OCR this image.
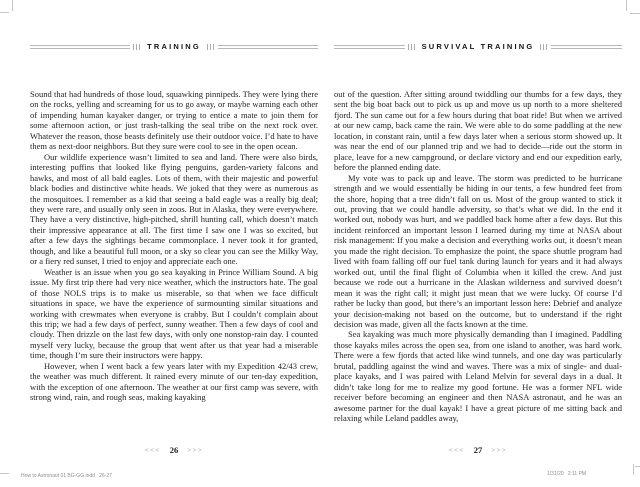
TRAINING

Sound that had hundreds of those loud, squawking pinnipeds. They were lying there on the rocks, yelling and screaming for us to go away, or maybe warning each other of impending human kayaker danger, or trying to entice a mate to join them for some afternoon action, or just trash-talking the seal tribe on the next rock over. Whatever the reason, those beasts definitely use their outdoor voice. I’d hate to have them as next-door neighbors. But they sure were cool to see in the open ocean.

Our wildlife experience wasn’t limited to sea and land. There were also birds, interesting puffins that looked like flying penguins, garden-variety falcons and hawks, and most of all bald eagles. Lots of them, with their majestic and powerful black bodies and distinctive white heads. We joked that they were as numerous as the mosquitoes. I remember as a kid that seeing a bald eagle was a really big deal; they were rare, and usually only seen in zoos. But in Alaska, they were everywhere. They have a very distinctive, high-pitched, shrill hunting call, which doesn’t match their impressive appearance at all. The first time I saw one I was so excited, but after a few days the sightings became commonplace. I never took it for granted, though, and like a beautiful full moon, or a sky so clear you can see the Milky Way, or a fiery red sunset, I tried to enjoy and appreciate each one.

Weather is an issue when you go sea kayaking in Prince William Sound. A big issue. My first trip there had very nice weather, which the instructors hate. The goal of those NOLS trips is to make us miserable, so that when we face difficult situations in space, we have the experience of surmounting similar situations and working with crewmates when everyone is crabby. But I couldn’t complain about this trip; we had a few days of perfect, sunny weather. Then a few days of cool and cloudy. Then drizzle on the last few days, with only one nonstop-rain day. I counted myself very lucky, because the group that went after us that year had a miserable time, though I’m sure their instructors were happy.

However, when I went back a few years later with my Expedition 42/43 crew, the weather was much different. It rained every minute of our ten-day expedition, with the exception of one afternoon. The weather at our first camp was severe, with strong wind, rain, and rough seas, making kayaking

<<< 26 >>>
SURVIVAL TRAINING

out of the question. After sitting around twiddling our thumbs for a few days, they sent the big boat back out to pick us up and move us up north to a more sheltered fjord. The sun came out for a few hours during that boat ride! But when we arrived at our new camp, back came the rain. We were able to do some paddling at the new location, in constant rain, until a few days later when a serious storm showed up. It was near the end of our planned trip and we had to decide—ride out the storm in place, leave for a new campground, or declare victory and end our expedition early, before the planned ending date.

My vote was to pack up and leave. The storm was predicted to be hurricane strength and we would essentially be hiding in our tents, a few hundred feet from the shore, hoping that a tree didn’t fall on us. Most of the group wanted to stick it out, proving that we could handle adversity, so that’s what we did. In the end it worked out, nobody was hurt, and we paddled back home after a few days. But this incident reinforced an important lesson I learned during my time at NASA about risk management: If you make a decision and everything works out, it doesn’t mean you made the right decision. To emphasize the point, the space shuttle program had lived with foam falling off our fuel tank during launch for years and it had always worked out, until the final flight of Columbia when it killed the crew. And just because we rode out a hurricane in the Alaskan wilderness and survived doesn’t mean it was the right call; it might just mean that we were lucky. Of course I’d rather be lucky than good, but there’s an important lesson here: Debrief and analyze your decision-making not based on the outcome, but to understand if the right decision was made, given all the facts known at the time.

Sea kayaking was much more physically demanding than I imagined. Paddling those kayaks miles across the open sea, from one island to another, was hard work. There were a few fjords that acted like wind tunnels, and one day was particularly brutal, paddling against the wind and waves. There was a mix of single- and dual-place kayaks, and I was paired with Leland Melvin for several days in a dual. It didn’t take long for me to realize my good fortune. He was a former NFL wide receiver before becoming an engineer and then NASA astronaut, and he was an awesome partner for the dual kayak! I have a great picture of me sitting back and relaxing while Leland paddles away,

<<< 27 >>>
How to Astronaut 01 BG-GG.indd   26-27	1/31/20   2:11 PM
